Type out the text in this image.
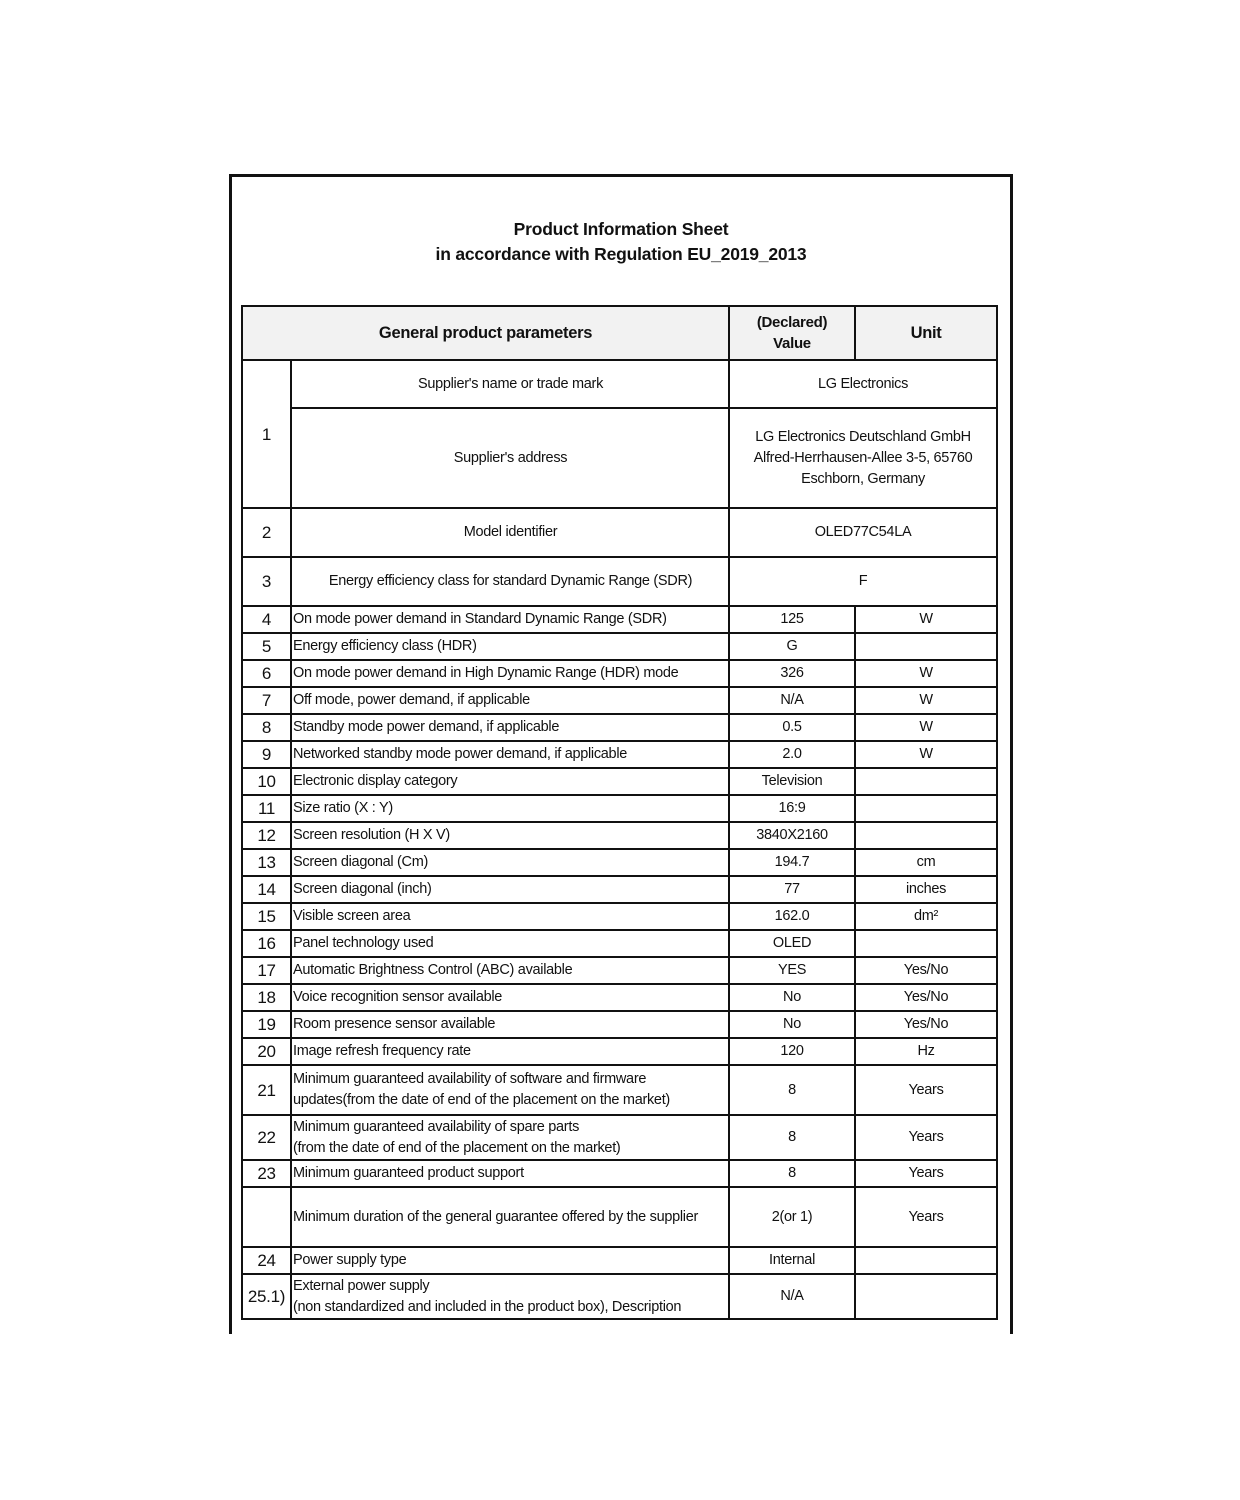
Product Information Sheet
in accordance with Regulation EU_2019_2013
General product parameters		(Declared)
Value	Unit
1	Supplier's name or trade mark	LG Electronics	
	Supplier's address	LG Electronics Deutschland GmbH
Alfred-Herrhausen-Allee 3-5, 65760
Eschborn, Germany	

2	Model identifier	OLED77C54LA	
3	Energy efficiency class for standard Dynamic Range (SDR)	F	

4	On mode power demand in Standard Dynamic Range (SDR)	125	W

5	Energy efficiency class (HDR)	G	

6	On mode power demand in High Dynamic Range (HDR) mode	326	W

7	Off mode, power demand, if applicable	N/A	W

8	Standby mode power demand, if applicable	0.5	W

9	Networked standby mode power demand, if applicable	2.0	W

10	Electronic display category	Television	

11	Size ratio (X : Y)	16:9	

12	Screen resolution (H X V)	3840X2160	

13	Screen diagonal (Cm)	194.7	cm

14	Screen diagonal (inch)	77	inches

15	Visible screen area	162.0	dm²

16	Panel technology used	OLED	

17	Automatic Brightness Control (ABC) available	YES	Yes/No

18	Voice recognition sensor available	No	Yes/No

19	Room presence sensor available	No	Yes/No

20	Image refresh frequency rate	120	Hz

21	Minimum guaranteed availability of software and firmware
updates(from the date of end of the placement on the market)	8	Years

22	Minimum guaranteed availability of spare parts
(from the date of end of the placement on the market)	8	Years

23	Minimum guaranteed product support	8	Years

	Minimum duration of the general guarantee offered by the supplier	2(or 1)	Years

24	Power supply type	Internal	

25.1)	External power supply
(non standardized and included in the product box), Description	N/A	
